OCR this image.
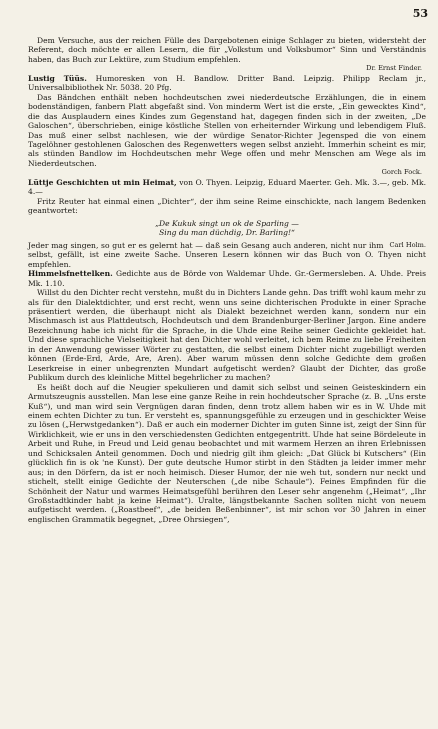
53

Dem Versuche, aus der reichen Fülle des Dargebotenen einige Schlager zu bieten, widersteht der Referent, doch möchte er allen Lesern, die für „Volkstum und Volksbumor“ Sinn und Verständnis haben, das Buch zur Lektüre, zum Studium empfehlen.

Dr. Ernst Finder.

Lustig Tüüs. Humoresken von H. Bandlow. Dritter Band. Leipzig. Philipp Reclam jr., Universalbibliothek Nr. 5038. 20 Pfg.

Das Bändchen enthält neben hochdeutschen zwei niederdeutsche Erzählungen, die in einem bodenständigen, fanbern Platt abgefaßt sind. Von minderm Wert ist die erste, „Ein gewecktes Kind“, die das Ausplaudern eines Kindes zum Gegenstand hat, dagegen finden sich in der zweiten, „De Galoschen“, überschrieben, einige köstliche Stellen von erheiternder Wirkung und lebendigem Fluß. Das muß einer selbst nachlesen, wie der würdige Senator-Richter Jegensped die von einem Tagelöhner gestohlenen Galoschen des Regenwetters wegen selbst anzieht. Immerhin scheint es mir, als stünden Bandlow im Hochdeutschen mehr Wege offen und mehr Menschen am Wege als im Niederdeutschen.

Gorch Fock.

Lüttje Geschichten ut min Heimat, von O. Thyen. Leipzig, Eduard Maerter. Geh. Mk. 3.—, geb. Mk. 4.—

Fritz Reuter hat einmal einen „Dichter“, der ihm seine Reime einschickte, nach langem Bedenken geantwortet:

„De Kukuk singt un ok de Sparling —
Sing du man düchdig, Dr. Barling!“

Carl Holm.
Jeder mag singen, so gut er es gelernt hat — daß sein Gesang auch anderen, nicht nur ihm selbst, gefällt, ist eine zweite Sache. Unseren Lesern können wir das Buch von O. Thyen nicht empfehlen.

Himmelsfnettelken. Gedichte aus de Börde von Waldemar Uhde. Gr.-Germersleben. A. Uhde. Preis Mk. 1.10.

Willst du den Dichter recht verstehn, mußt du in Dichters Lande gehn. Das trifft wohl kaum mehr zu als für den Dialektdichter, und erst recht, wenn uns seine dichterischen Produkte in einer Sprache präsentiert werden, die überhaupt nicht als Dialekt bezeichnet werden kann, sondern nur ein Mischmasch ist aus Plattdeutsch, Hochdeutsch und dem Brandenburger-Berliner Jargon. Eine andere Bezeichnung habe ich nicht für die Sprache, in die Uhde eine Reihe seiner Gedichte gekleidet hat. Und diese sprachliche Vielseitigkeit hat den Dichter wohl verleitet, ich bem Reime zu liebe Freiheiten in der Anwendung gewisser Wörter zu gestatten, die selbst einem Dichter nicht zugebilligt werden können (Erde-Erd, Arde, Are, Aren). Aber warum müssen denn solche Gedichte dem großen Leserkreise in einer unbegrenzten Mundart aufgetischt werden? Glaubt der Dichter, das große Publikum durch des kleinliche Mittel begehrlicher zu machen?

Es heißt doch auf die Neugier spekulieren und damit sich selbst und seinen Geisteskindern ein Armutszeugnis ausstellen. Man lese eine ganze Reihe in rein hochdeutscher Sprache (z. B. „Uns erste Kuß“), und man wird sein Vergnügen daran finden, denn trotz allem haben wir es in W. Uhde mit einem echten Dichter zu tun. Er versteht es, spannungsgefühle zu erzeugen und in geschickter Weise zu lösen („Herwstgedanken“). Daß er auch ein moderner Dichter im guten Sinne ist, zeigt der Sinn für Wirklichkeit, wie er uns in den verschiedensten Gedichten entgegentritt. Uhde hat seine Bördeleute in Arbeit und Ruhe, in Freud und Leid genau beobachtet und mit warmem Herzen an ihren Erlebnissen und Schicksalen Anteil genommen. Doch und niedrig gilt ihm gleich: „Dat Glück bi Kutschers“ (Ein glücklich fin is ok 'ne Kunst). Der gute deutsche Humor stirbt in den Städten ja leider immer mehr aus; in den Dörfern, da ist er noch heimisch. Dieser Humor, der nie weh tut, sondern nur neckt und stichelt, stellt einige Gedichte der Neuterschen („de nibe Schaule“). Feines Empfinden für die Schönheit der Natur und warmes Heimatsgefühl berühren den Leser sehr angenehm („Heimat“, „Ihr Großstadtkinder habt ja keine Heimat“). Uralte, längstbekannte Sachen sollten nicht von neuem aufgetischt werden. („Roastbeef“, „de beiden Beßenbinner“, ist mir schon vor 30 Jahren in einer englischen Grammatik begegnet, „Dree Ohrsiegen“,
